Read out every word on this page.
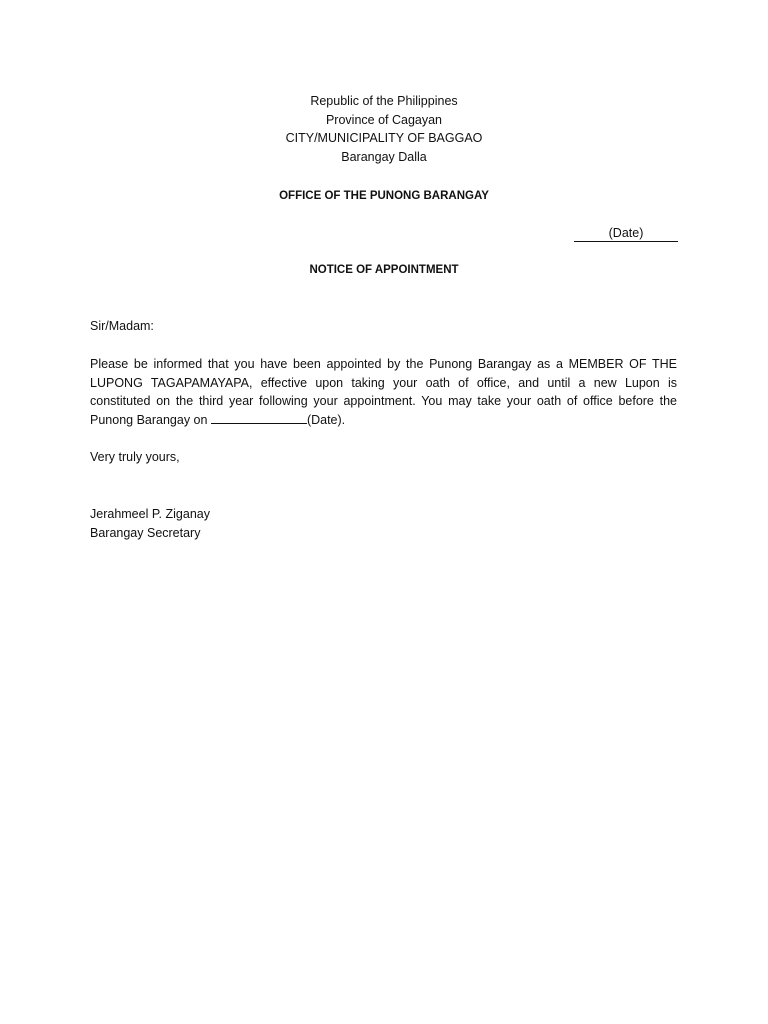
Republic of the Philippines
Province of Cagayan
CITY/MUNICIPALITY OF BAGGAO
Barangay Dalla
OFFICE OF THE PUNONG BARANGAY
(Date)
NOTICE OF APPOINTMENT
Sir/Madam:
Please be informed that you have been appointed by the Punong Barangay as a MEMBER OF THE
LUPONG TAGAPAMAYAPA, effective upon taking your oath of office, and until a new Lupon is
constituted on the third year following your appointment. You may take your oath of office before the
Punong Barangay on	(Date).
Very truly yours,
Jerahmeel P. Ziganay
Barangay Secretary
